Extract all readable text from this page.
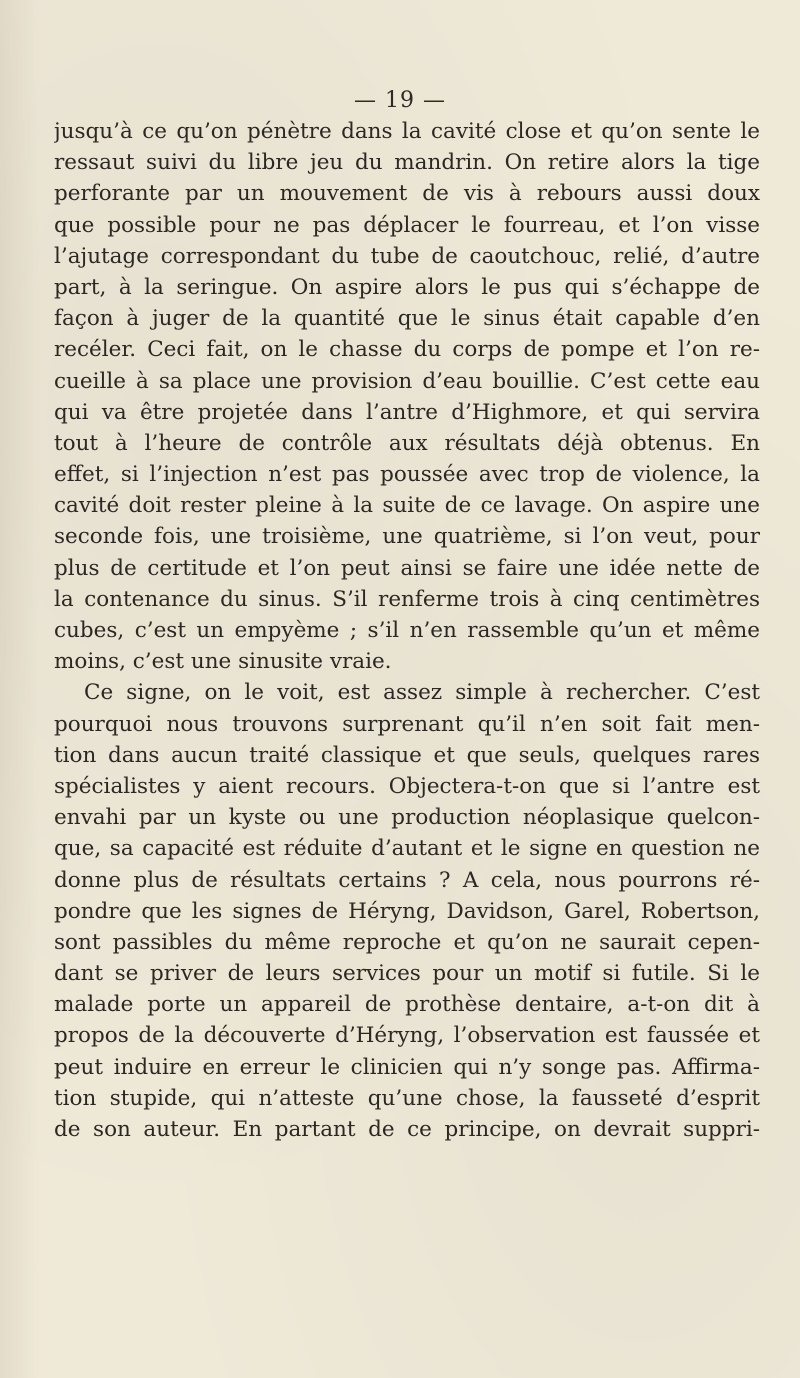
— 19 —
jusqu’à ce qu’on pénètre dans la cavité close et qu’on sente le
ressaut suivi du libre jeu du mandrin. On retire alors la tige
perforante par un mouvement de vis à rebours aussi doux
que possible pour ne pas déplacer le fourreau, et l’on visse
l’ajutage correspondant du tube de caoutchouc, relié, d’autre
part, à la seringue. On aspire alors le pus qui s’échappe de
façon à juger de la quantité que le sinus était capable d’en
recéler. Ceci fait, on le chasse du corps de pompe et l’on re-
cueille à sa place une provision d’eau bouillie. C’est cette eau
qui va être projetée dans l’antre d’Highmore, et qui servira
tout à l’heure de contrôle aux résultats déjà obtenus. En
effet, si l’injection n’est pas poussée avec trop de violence, la
cavité doit rester pleine à la suite de ce lavage. On aspire une
seconde fois, une troisième, une quatrième, si l’on veut, pour
plus de certitude et l’on peut ainsi se faire une idée nette de
la contenance du sinus. S’il renferme trois à cinq centimètres
cubes, c’est un empyème ; s’il n’en rassemble qu’un et même
moins, c’est une sinusite vraie.
Ce signe, on le voit, est assez simple à rechercher. C’est
pourquoi nous trouvons surprenant qu’il n’en soit fait men-
tion dans aucun traité classique et que seuls, quelques rares
spécialistes y aient recours. Objectera-t-on que si l’antre est
envahi par un kyste ou une production néoplasique quelcon-
que, sa capacité est réduite d’autant et le signe en question ne
donne plus de résultats certains ? A cela, nous pourrons ré-
pondre que les signes de Héryng, Davidson, Garel, Robertson,
sont passibles du même reproche et qu’on ne saurait cepen-
dant se priver de leurs services pour un motif si futile. Si le
malade porte un appareil de prothèse dentaire, a-t-on dit à
propos de la découverte d’Héryng, l’observation est faussée et
peut induire en erreur le clinicien qui n’y songe pas. Affirma-
tion stupide, qui n’atteste qu’une chose, la fausseté d’esprit
de son auteur. En partant de ce principe, on devrait suppri-
